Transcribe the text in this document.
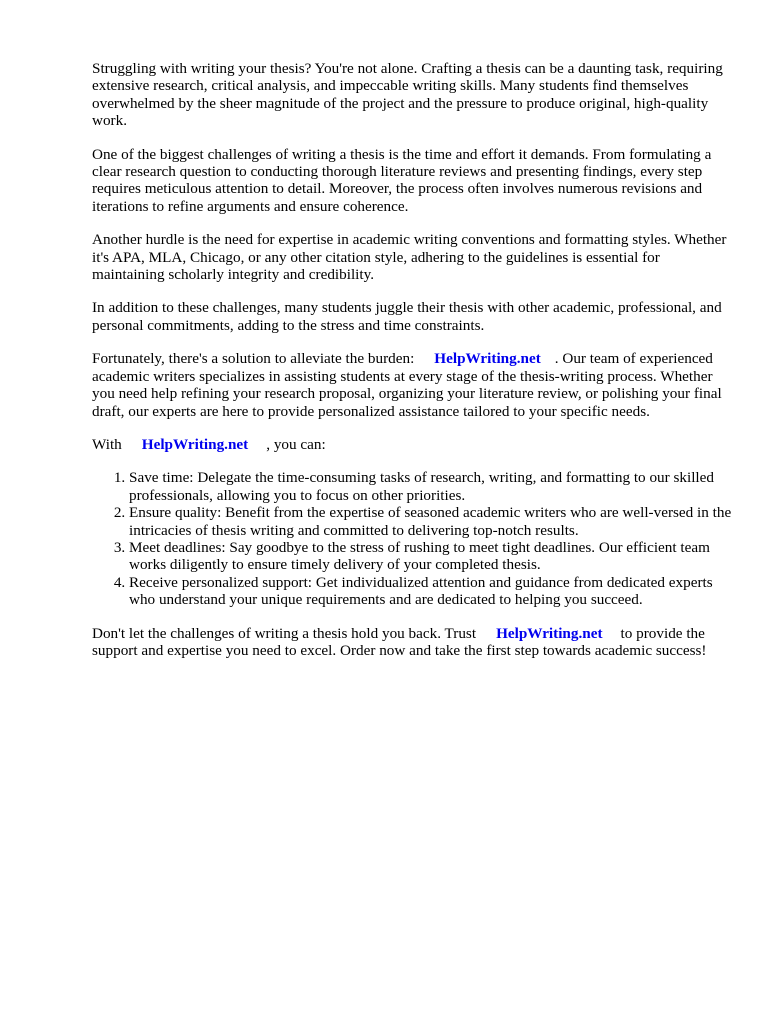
Struggling with writing your thesis? You're not alone. Crafting a thesis can be a daunting task, requiring extensive research, critical analysis, and impeccable writing skills. Many students find themselves overwhelmed by the sheer magnitude of the project and the pressure to produce original, high-quality work.

One of the biggest challenges of writing a thesis is the time and effort it demands. From formulating a clear research question to conducting thorough literature reviews and presenting findings, every step requires meticulous attention to detail. Moreover, the process often involves numerous revisions and iterations to refine arguments and ensure coherence.

Another hurdle is the need for expertise in academic writing conventions and formatting styles. Whether it's APA, MLA, Chicago, or any other citation style, adhering to the guidelines is essential for maintaining scholarly integrity and credibility.

In addition to these challenges, many students juggle their thesis with other academic, professional, and personal commitments, adding to the stress and time constraints.

Fortunately, there's a solution to alleviate the burden: HelpWriting.net . Our team of experienced academic writers specializes in assisting students at every stage of the thesis-writing process. Whether you need help refining your research proposal, organizing your literature review, or polishing your final draft, our experts are here to provide personalized assistance tailored to your specific needs.

With HelpWriting.net , you can:

1. Save time: Delegate the time-consuming tasks of research, writing, and formatting to our skilled professionals, allowing you to focus on other priorities.
2. Ensure quality: Benefit from the expertise of seasoned academic writers who are well-versed in the intricacies of thesis writing and committed to delivering top-notch results.
3. Meet deadlines: Say goodbye to the stress of rushing to meet tight deadlines. Our efficient team works diligently to ensure timely delivery of your completed thesis.
4. Receive personalized support: Get individualized attention and guidance from dedicated experts who understand your unique requirements and are dedicated to helping you succeed.

Don't let the challenges of writing a thesis hold you back. Trust HelpWriting.net to provide the support and expertise you need to excel. Order now and take the first step towards academic success!
